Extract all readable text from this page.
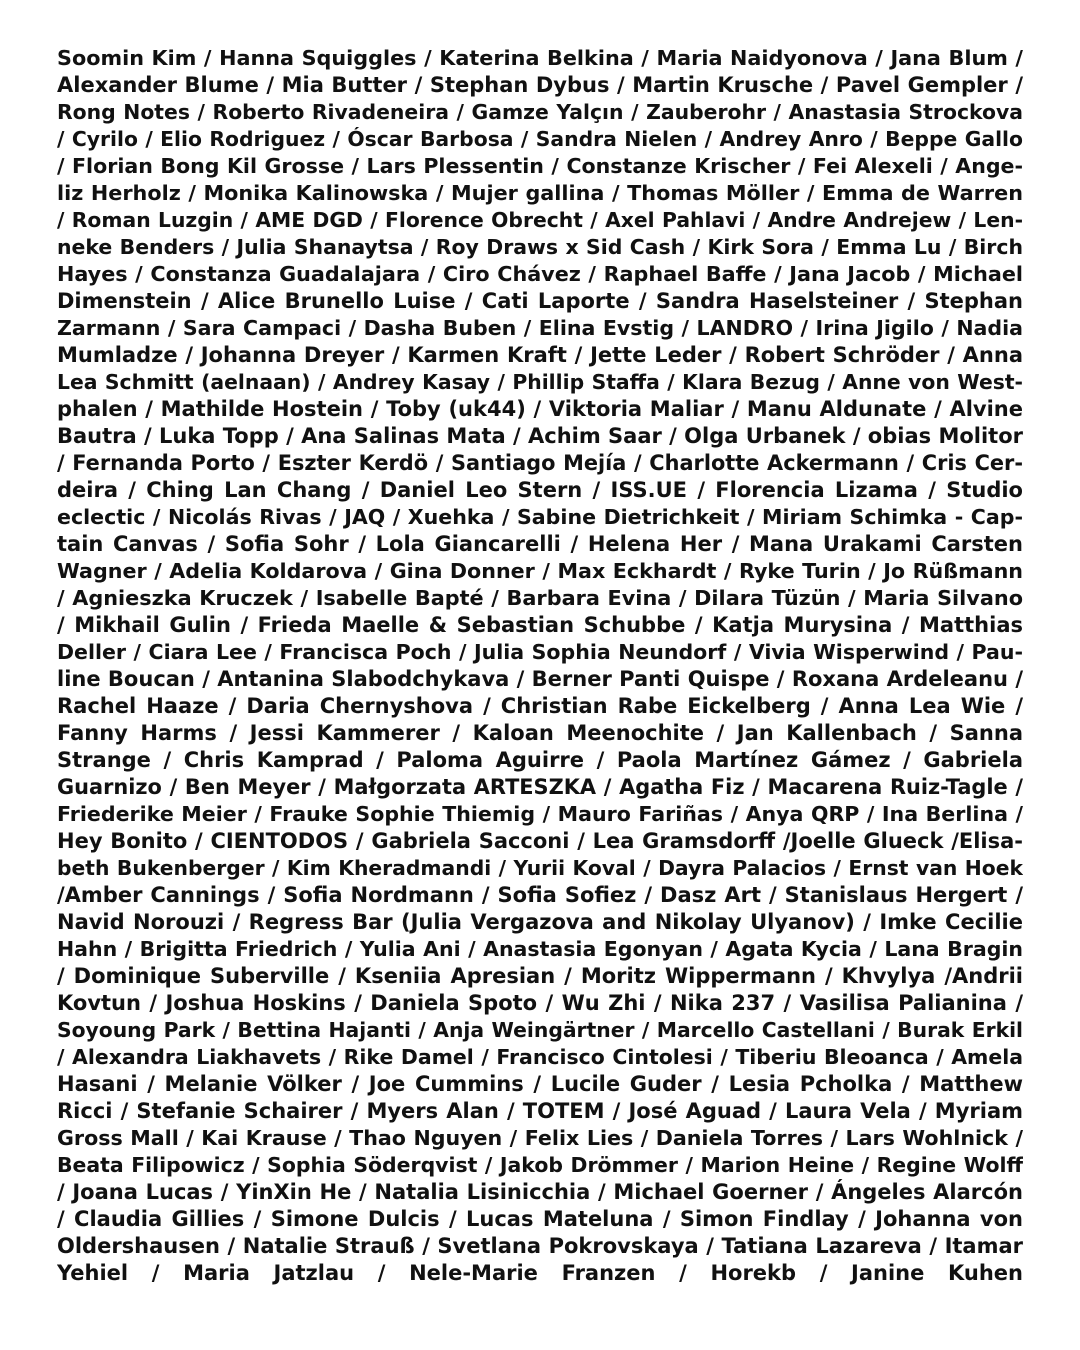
Soomin Kim / Hanna Squiggles / Katerina Belkina / Maria Naidyonova / Jana Blum /
Alexander Blume / Mia Butter / Stephan Dybus / Martin Krusche / Pavel Gempler /
Rong Notes / Roberto Rivadeneira / Gamze Yalçın / Zauberohr / Anastasia Strockova
/ Cyrilo / Elio Rodriguez / Óscar Barbosa / Sandra Nielen / Andrey Anro / Beppe Gallo
/ Florian Bong Kil Grosse / Lars Plessentin / Constanze Krischer / Fei Alexeli / Ange-
liz Herholz / Monika Kalinowska / Mujer gallina / Thomas Möller / Emma de Warren
/ Roman Luzgin / AME DGD / Florence Obrecht / Axel Pahlavi / Andre Andrejew / Len-
neke Benders / Julia Shanaytsa / Roy Draws x Sid Cash / Kirk Sora / Emma Lu / Birch
Hayes / Constanza Guadalajara / Ciro Chávez / Raphael Baffe / Jana Jacob / Michael
Dimenstein / Alice Brunello Luise / Cati Laporte / Sandra Haselsteiner / Stephan
Zarmann / Sara Campaci / Dasha Buben / Elina Evstig / LANDRO / Irina Jigilo / Nadia
Mumladze / Johanna Dreyer / Karmen Kraft / Jette Leder / Robert Schröder / Anna
Lea Schmitt (aelnaan) / Andrey Kasay / Phillip Staffa / Klara Bezug / Anne von West-
phalen / Mathilde Hostein / Toby (uk44) / Viktoria Maliar / Manu Aldunate / Alvine
Bautra / Luka Topp / Ana Salinas Mata / Achim Saar / Olga Urbanek / obias Molitor
/ Fernanda Porto / Eszter Kerdö / Santiago Mejía / Charlotte Ackermann / Cris Cer-
deira / Ching Lan Chang / Daniel Leo Stern / ISS.UE / Florencia Lizama / Studio
eclectic / Nicolás Rivas / JAQ / Xuehka / Sabine Dietrichkeit / Miriam Schimka - Cap-
tain Canvas / Sofia Sohr / Lola Giancarelli / Helena Her / Mana Urakami Carsten
Wagner / Adelia Koldarova / Gina Donner / Max Eckhardt / Ryke Turin / Jo Rüßmann
/ Agnieszka Kruczek / Isabelle Bapté / Barbara Evina / Dilara Tüzün / Maria Silvano
/ Mikhail Gulin / Frieda Maelle & Sebastian Schubbe / Katja Murysina / Matthias
Deller / Ciara Lee / Francisca Poch / Julia Sophia Neundorf / Vivia Wisperwind / Pau-
line Boucan / Antanina Slabodchykava / Berner Panti Quispe / Roxana Ardeleanu /
Rachel Haaze / Daria Chernyshova / Christian Rabe Eickelberg / Anna Lea Wie /
Fanny Harms / Jessi Kammerer / Kaloan Meenochite / Jan Kallenbach / Sanna
Strange / Chris Kamprad / Paloma Aguirre / Paola Martínez Gámez / Gabriela
Guarnizo / Ben Meyer / Małgorzata ARTESZKA / Agatha Fiz / Macarena Ruiz-Tagle /
Friederike Meier / Frauke Sophie Thiemig / Mauro Fariñas / Anya QRP / Ina Berlina /
Hey Bonito / CIENTODOS / Gabriela Sacconi / Lea Gramsdorff /Joelle Glueck /Elisa-
beth Bukenberger / Kim Kheradmandi / Yurii Koval / Dayra Palacios / Ernst van Hoek
/Amber Cannings / Sofia Nordmann / Sofia Sofiez / Dasz Art / Stanislaus Hergert /
Navid Norouzi / Regress Bar (Julia Vergazova and Nikolay Ulyanov) / Imke Cecilie
Hahn / Brigitta Friedrich / Yulia Ani / Anastasia Egonyan / Agata Kycia / Lana Bragin
/ Dominique Suberville / Kseniia Apresian / Moritz Wippermann / Khvylya /Andrii
Kovtun / Joshua Hoskins / Daniela Spoto / Wu Zhi / Nika 237 / Vasilisa Palianina /
Soyoung Park / Bettina Hajanti / Anja Weingärtner / Marcello Castellani / Burak Erkil
/ Alexandra Liakhavets / Rike Damel / Francisco Cintolesi / Tiberiu Bleoanca / Amela
Hasani / Melanie Völker / Joe Cummins / Lucile Guder / Lesia Pcholka / Matthew
Ricci / Stefanie Schairer / Myers Alan / TOTEM / José Aguad / Laura Vela / Myriam
Gross Mall / Kai Krause / Thao Nguyen / Felix Lies / Daniela Torres / Lars Wohlnick /
Beata Filipowicz / Sophia Söderqvist / Jakob Drömmer / Marion Heine / Regine Wolff
/ Joana Lucas / YinXin He / Natalia Lisinicchia / Michael Goerner / Ángeles Alarcón
/ Claudia Gillies / Simone Dulcis / Lucas Mateluna / Simon Findlay / Johanna von
Oldershausen / Natalie Strauß / Svetlana Pokrovskaya / Tatiana Lazareva / Itamar
Yehiel / Maria Jatzlau / Nele-Marie Franzen / Horekb / Janine Kuhen
